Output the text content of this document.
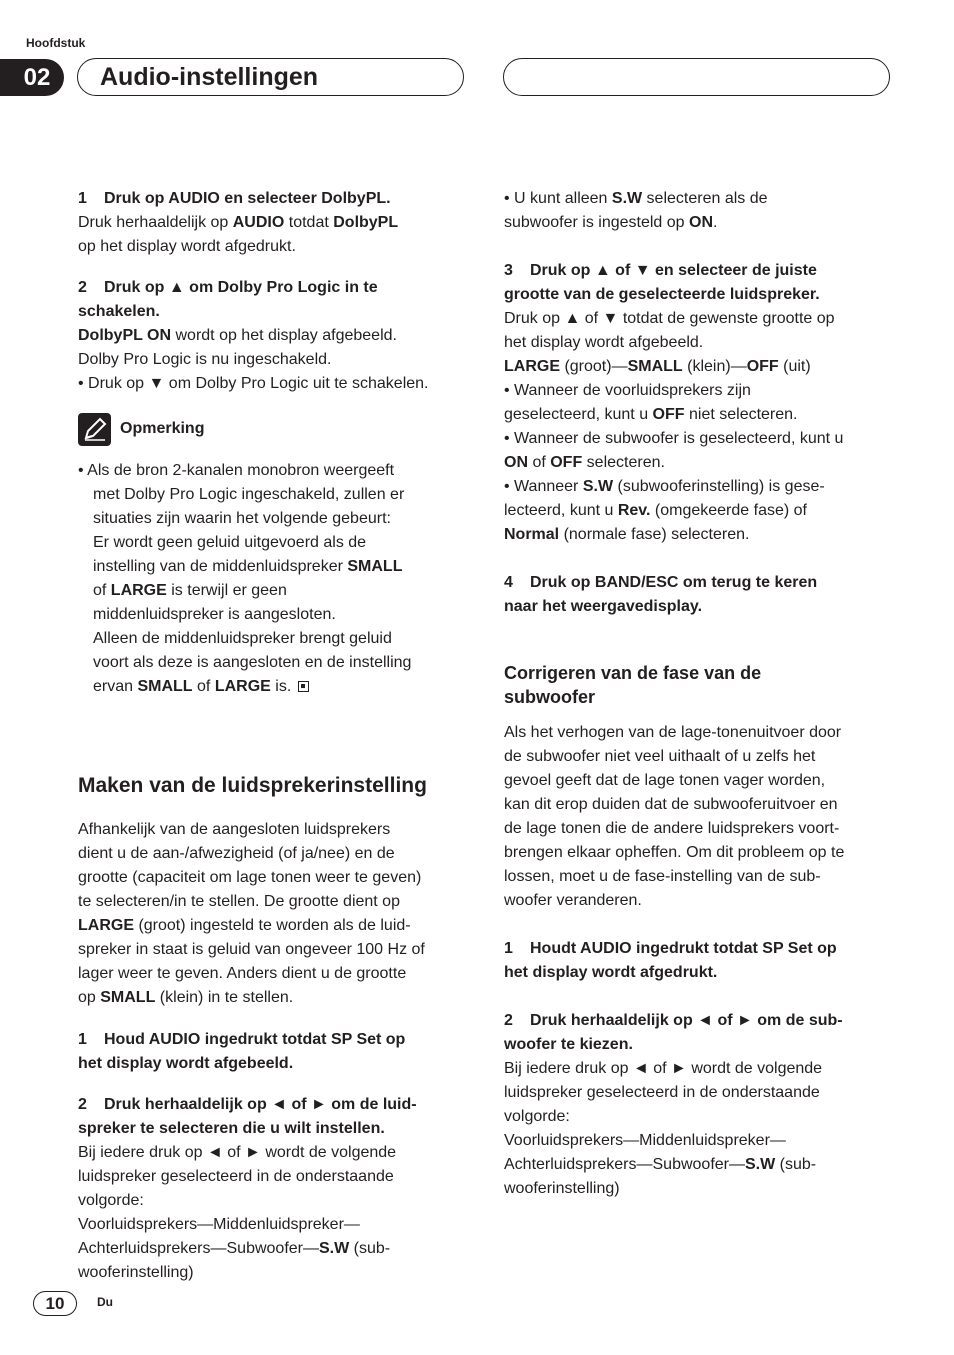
Hoofdstuk
02	Audio-instellingen

1 Druk op AUDIO en selecteer DolbyPL.

Druk herhaaldelijk op AUDIO totdat DolbyPL

op het display wordt afgedrukt.

2 Druk op ▲ om Dolby Pro Logic in te

schakelen.

DolbyPL ON wordt op het display afgebeeld.

Dolby Pro Logic is nu ingeschakeld.

• Druk op ▼ om Dolby Pro Logic uit te schakelen.

Opmerking

• Als de bron 2-kanalen monobron weergeeft

met Dolby Pro Logic ingeschakeld, zullen er

situaties zijn waarin het volgende gebeurt:

Er wordt geen geluid uitgevoerd als de

instelling van de middenluidspreker SMALL

of LARGE is terwijl er geen

middenluidspreker is aangesloten.

Alleen de middenluidspreker brengt geluid

voort als deze is aangesloten en de instelling

ervan SMALL of LARGE is.

Maken van de luidsprekerinstelling

Afhankelijk van de aangesloten luidsprekers

dient u de aan-/afwezigheid (of ja/nee) en de

grootte (capaciteit om lage tonen weer te geven)

te selecteren/in te stellen. De grootte dient op

LARGE (groot) ingesteld te worden als de luid-

spreker in staat is geluid van ongeveer 100 Hz of

lager weer te geven. Anders dient u de grootte

op SMALL (klein) in te stellen.

1 Houd AUDIO ingedrukt totdat SP Set op

het display wordt afgebeeld.

2 Druk herhaaldelijk op ◄ of ► om de luid-

spreker te selecteren die u wilt instellen.

Bij iedere druk op ◄ of ► wordt de volgende

luidspreker geselecteerd in de onderstaande

volgorde:

Voorluidsprekers—Middenluidspreker—

Achterluidsprekers—Subwoofer—S.W (sub-

wooferinstelling)

• U kunt alleen S.W selecteren als de

subwoofer is ingesteld op ON.

3 Druk op ▲ of ▼ en selecteer de juiste

grootte van de geselecteerde luidspreker.

Druk op ▲ of ▼ totdat de gewenste grootte op

het display wordt afgebeeld.

LARGE (groot)—SMALL (klein)—OFF (uit)

• Wanneer de voorluidsprekers zijn

geselecteerd, kunt u OFF niet selecteren.

• Wanneer de subwoofer is geselecteerd, kunt u

ON of OFF selecteren.

• Wanneer S.W (subwooferinstelling) is gese-

lecteerd, kunt u Rev. (omgekeerde fase) of

Normal (normale fase) selecteren.

4 Druk op BAND/ESC om terug te keren

naar het weergavedisplay.

Corrigeren van de fase van de

subwoofer

Als het verhogen van de lage-tonenuitvoer door

de subwoofer niet veel uithaalt of u zelfs het

gevoel geeft dat de lage tonen vager worden,

kan dit erop duiden dat de subwooferuitvoer en

de lage tonen die de andere luidsprekers voort-

brengen elkaar opheffen. Om dit probleem op te

lossen, moet u de fase-instelling van de sub-

woofer veranderen.

1 Houdt AUDIO ingedrukt totdat SP Set op

het display wordt afgedrukt.

2 Druk herhaaldelijk op ◄ of ► om de sub-

woofer te kiezen.

Bij iedere druk op ◄ of ► wordt de volgende

luidspreker geselecteerd in de onderstaande

volgorde:

Voorluidsprekers—Middenluidspreker—

Achterluidsprekers—Subwoofer—S.W (sub-

wooferinstelling)

10	Du
